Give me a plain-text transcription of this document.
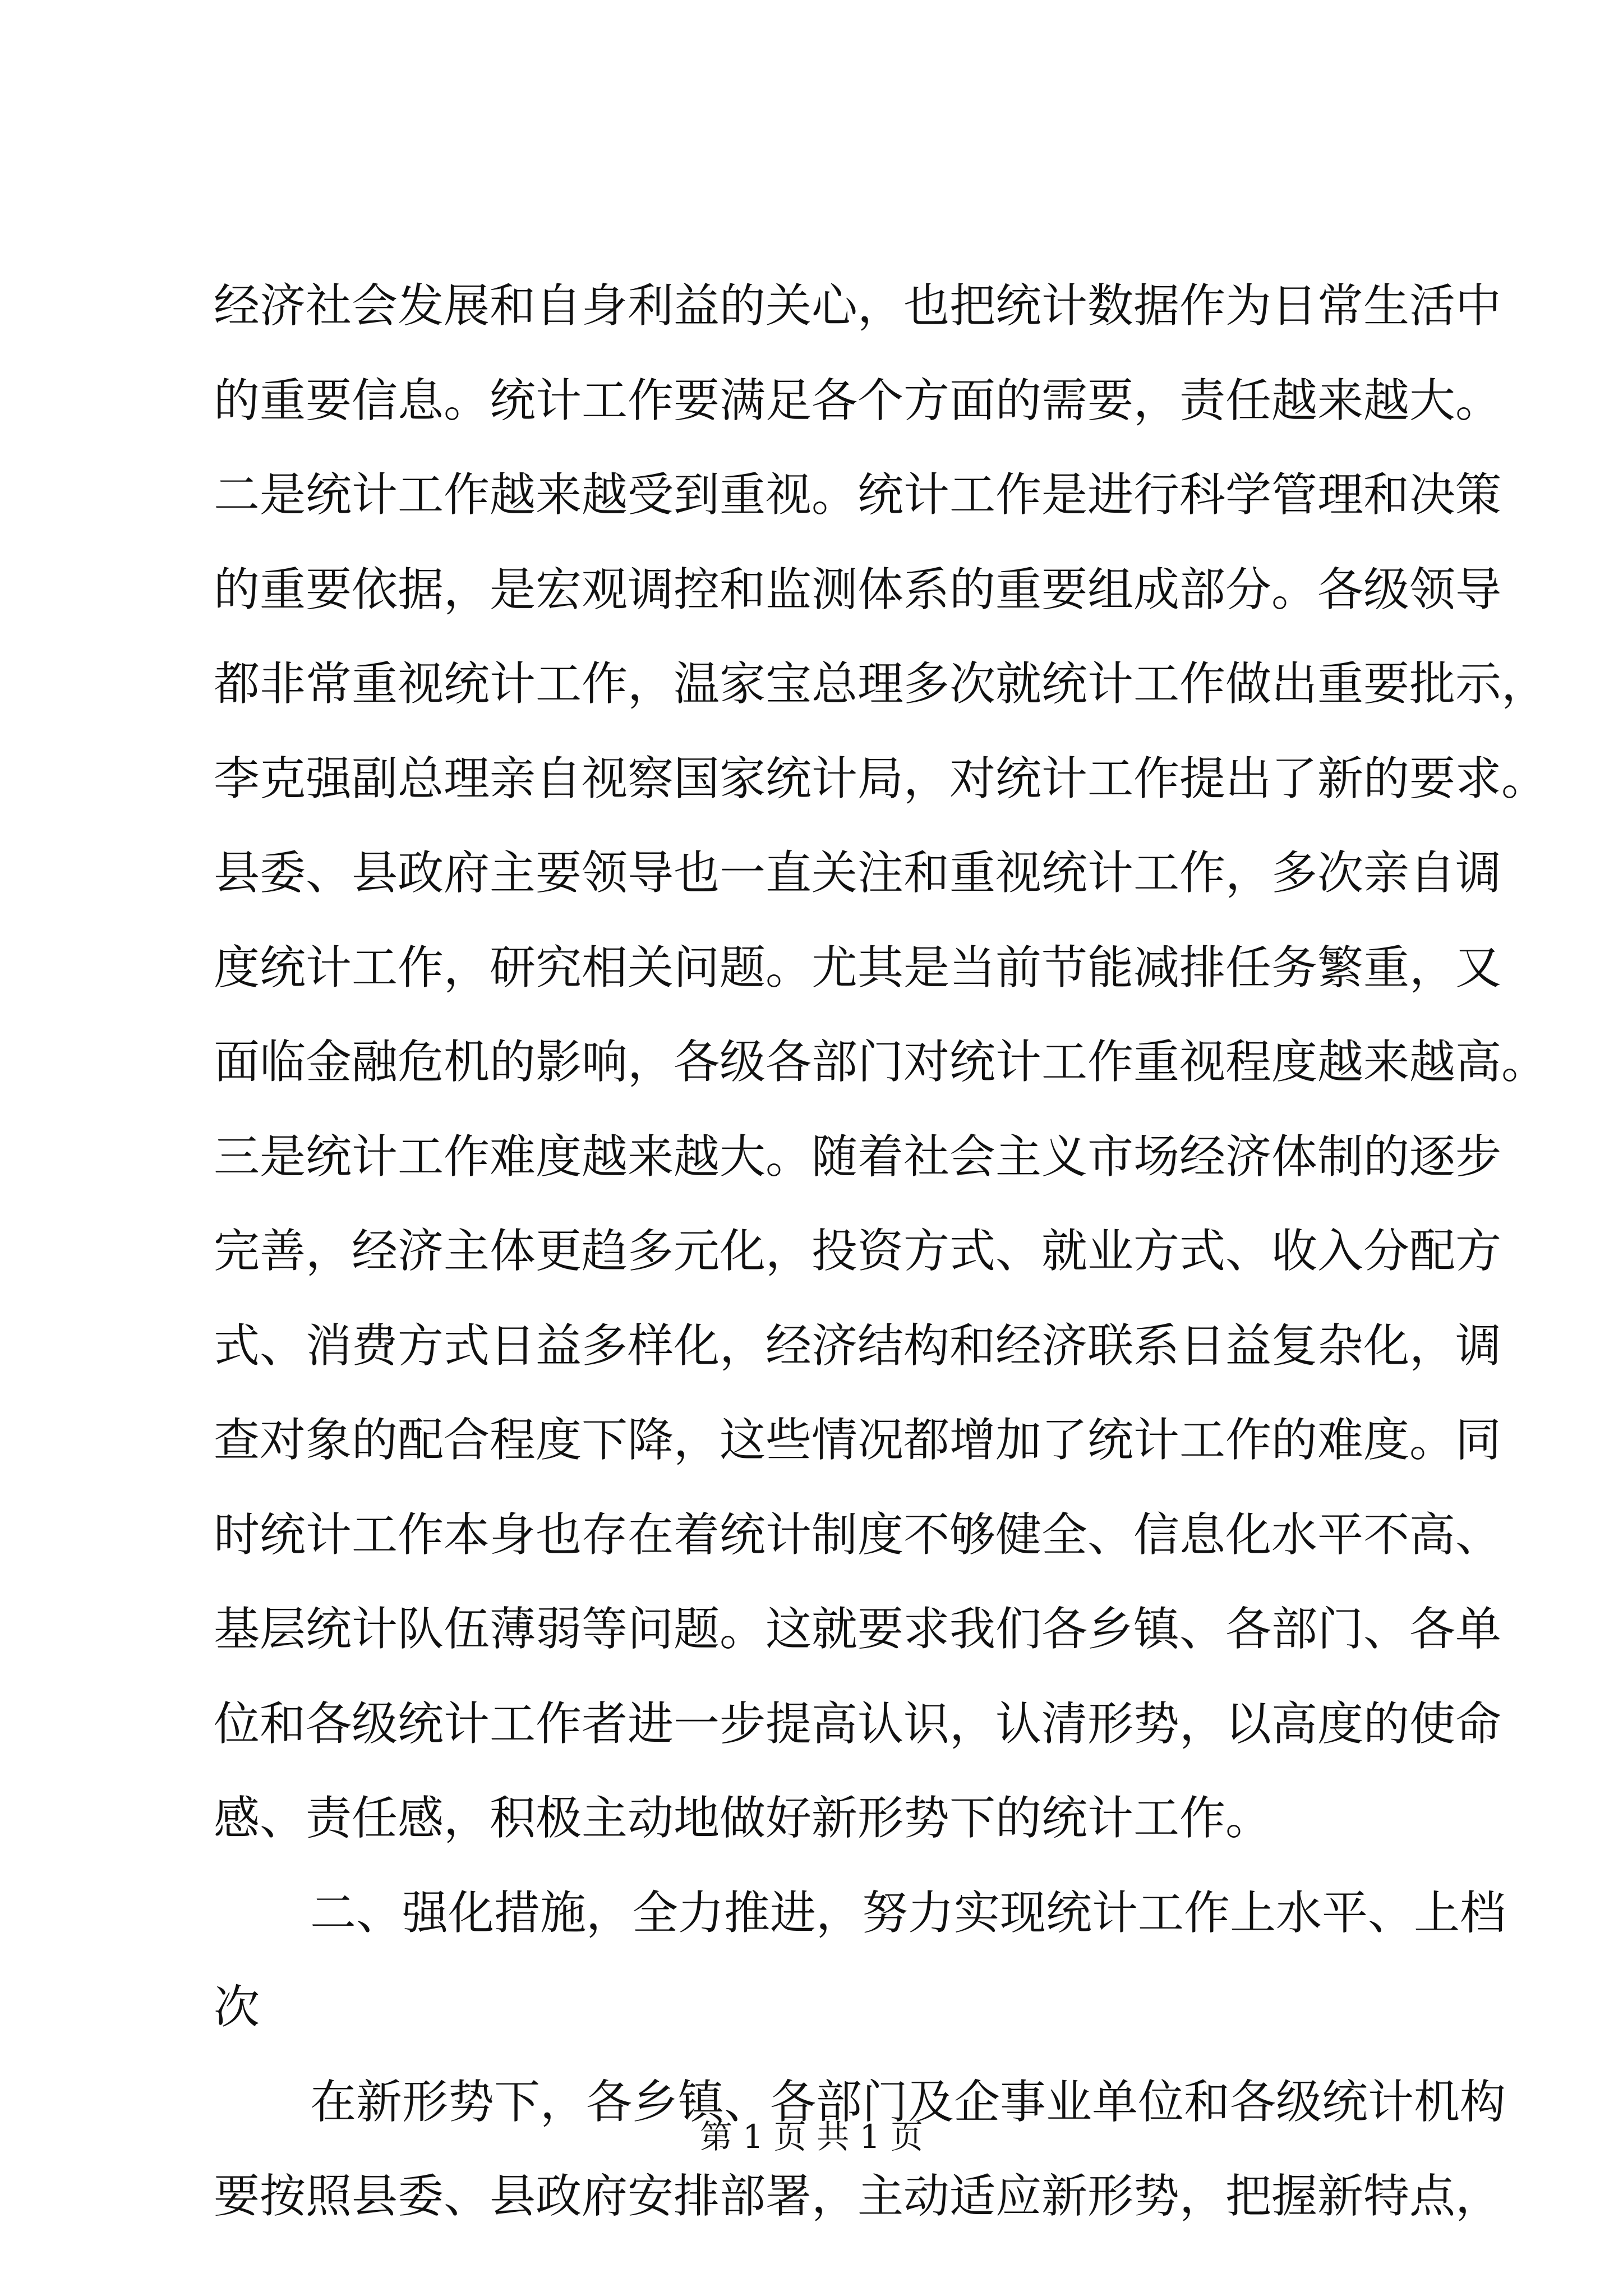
经济社会发展和自身利益的关心，也把统计数据作为日常生活中
的重要信息。统计工作要满足各个方面的需要，责任越来越大。
二是统计工作越来越受到重视。统计工作是进行科学管理和决策
的重要依据，是宏观调控和监测体系的重要组成部分。各级领导
都非常重视统计工作，温家宝总理多次就统计工作做出重要批示，
李克强副总理亲自视察国家统计局，对统计工作提出了新的要求。
县委、县政府主要领导也一直关注和重视统计工作，多次亲自调
度统计工作，研究相关问题。尤其是当前节能减排任务繁重，又
面临金融危机的影响，各级各部门对统计工作重视程度越来越高。
三是统计工作难度越来越大。随着社会主义市场经济体制的逐步
完善，经济主体更趋多元化，投资方式、就业方式、收入分配方
式、消费方式日益多样化，经济结构和经济联系日益复杂化，调
查对象的配合程度下降，这些情况都增加了统计工作的难度。同
时统计工作本身也存在着统计制度不够健全、信息化水平不高、
基层统计队伍薄弱等问题。这就要求我们各乡镇、各部门、各单
位和各级统计工作者进一步提高认识，认清形势，以高度的使命
感、责任感，积极主动地做好新形势下的统计工作。
二、强化措施，全力推进，努力实现统计工作上水平、上档
次
在新形势下，各乡镇、各部门及企事业单位和各级统计机构
要按照县委、县政府安排部署，主动适应新形势，把握新特点，
第 1 页 共 1 页
